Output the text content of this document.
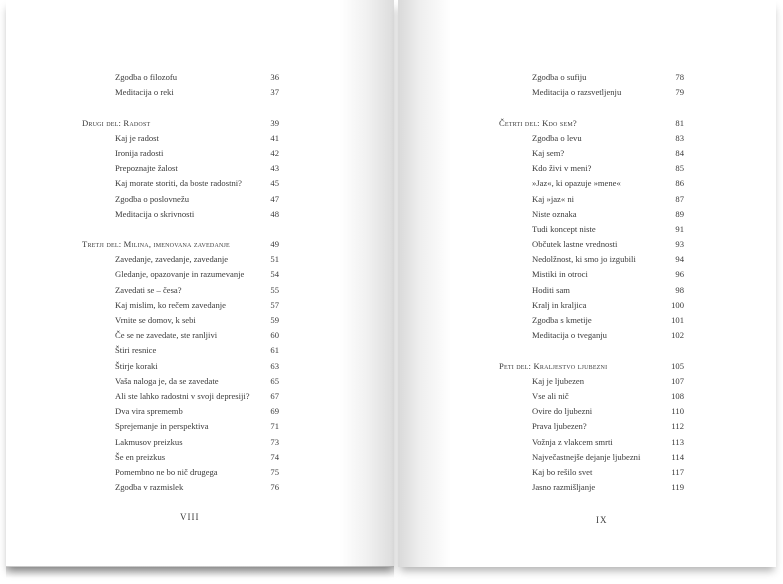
Zgodba o filozofu	36
Meditacija o reki	37
Drugi del: Radost	39
Kaj je radost	41
Ironija radosti	42
Prepoznajte žalost	43
Kaj morate storiti, da boste radostni?	45
Zgodba o poslovnežu	47
Meditacija o skrivnosti	48
Tretji del: Milina, imenovana zavedanje	49
Zavedanje, zavedanje, zavedanje	51
Gledanje, opazovanje in razumevanje	54
Zavedati se – česa?	55
Kaj mislim, ko rečem zavedanje	57
Vrnite se domov, k sebi	59
Če se ne zavedate, ste ranljivi	60
Štiri resnice	61
Štirje koraki	63
Vaša naloga je, da se zavedate	65
Ali ste lahko radostni v svoji depresiji? 67
Dva vira sprememb	69
Sprejemanje in perspektiva	71
Lakmusov preizkus	73
Še en preizkus	74
Pomembno ne bo nič drugega	75
Zgodba v razmislek	76
Zgodba o sufiju	78
Meditacija o razsvetljenju	79
Četrti del: Kdo sem?	81
Zgodba o levu	83
Kaj sem?	84
Kdo živi v meni?	85
»Jaz«, ki opazuje »mene«	86
Kaj »jaz« ni	87
Niste oznaka	89
Tudi koncept niste	91
Občutek lastne vrednosti	93
Nedolžnost, ki smo jo izgubili	94
Mistiki in otroci	96
Hoditi sam	98
Kralj in kraljica	100
Zgodba s kmetije	101
Meditacija o tveganju	102
Peti del: Kraljestvo ljubezni	105
Kaj je ljubezen	107
Vse ali nič	108
Ovire do ljubezni	110
Prava ljubezen?	112
Vožnja z vlakcem smrti	113
Največastnejše dejanje ljubezni	114
Kaj bo rešilo svet	117
Jasno razmišljanje	119
VIII	IX
